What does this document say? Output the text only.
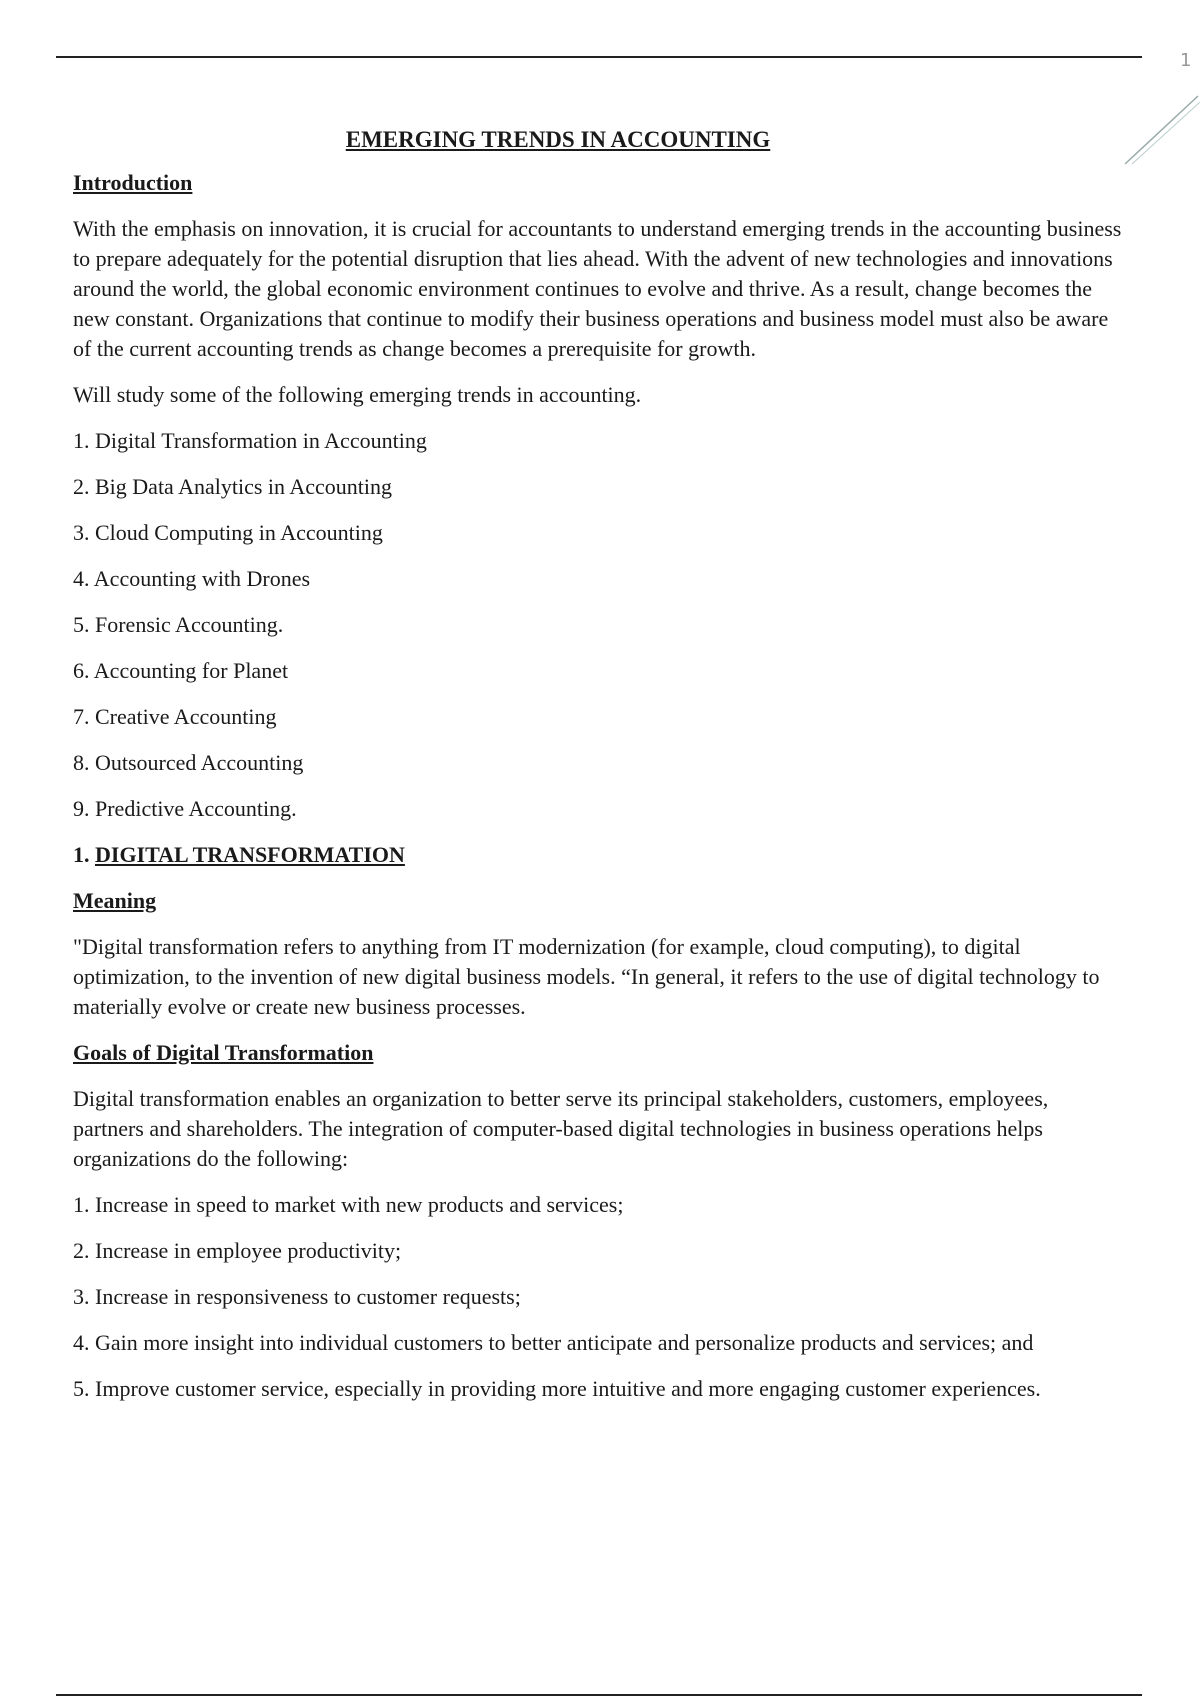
1
EMERGING TRENDS IN ACCOUNTING
Introduction

With the emphasis on innovation, it is crucial for accountants to understand emerging trends in the accounting business to prepare adequately for the potential disruption that lies ahead. With the advent of new technologies and innovations around the world, the global economic environment continues to evolve and thrive. As a result, change becomes the new constant. Organizations that continue to modify their business operations and business model must also be aware of the current accounting trends as change becomes a prerequisite for growth.

Will study some of the following emerging trends in accounting.

1. Digital Transformation in Accounting
2. Big Data Analytics in Accounting
3. Cloud Computing in Accounting
4. Accounting with Drones
5. Forensic Accounting.
6. Accounting for Planet
7. Creative Accounting
8. Outsourced Accounting
9. Predictive Accounting.
1. DIGITAL TRANSFORMATION
Meaning

"Digital transformation refers to anything from IT modernization (for example, cloud computing), to digital optimization, to the invention of new digital business models. “In general, it refers to the use of digital technology to materially evolve or create new business processes.

Goals of Digital Transformation

Digital transformation enables an organization to better serve its principal stakeholders, customers, employees, partners and shareholders. The integration of computer-based digital technologies in business operations helps organizations do the following:

1. Increase in speed to market with new products and services;
2. Increase in employee productivity;
3. Increase in responsiveness to customer requests;
4. Gain more insight into individual customers to better anticipate and personalize products and services; and
5. Improve customer service, especially in providing more intuitive and more engaging customer experiences.
